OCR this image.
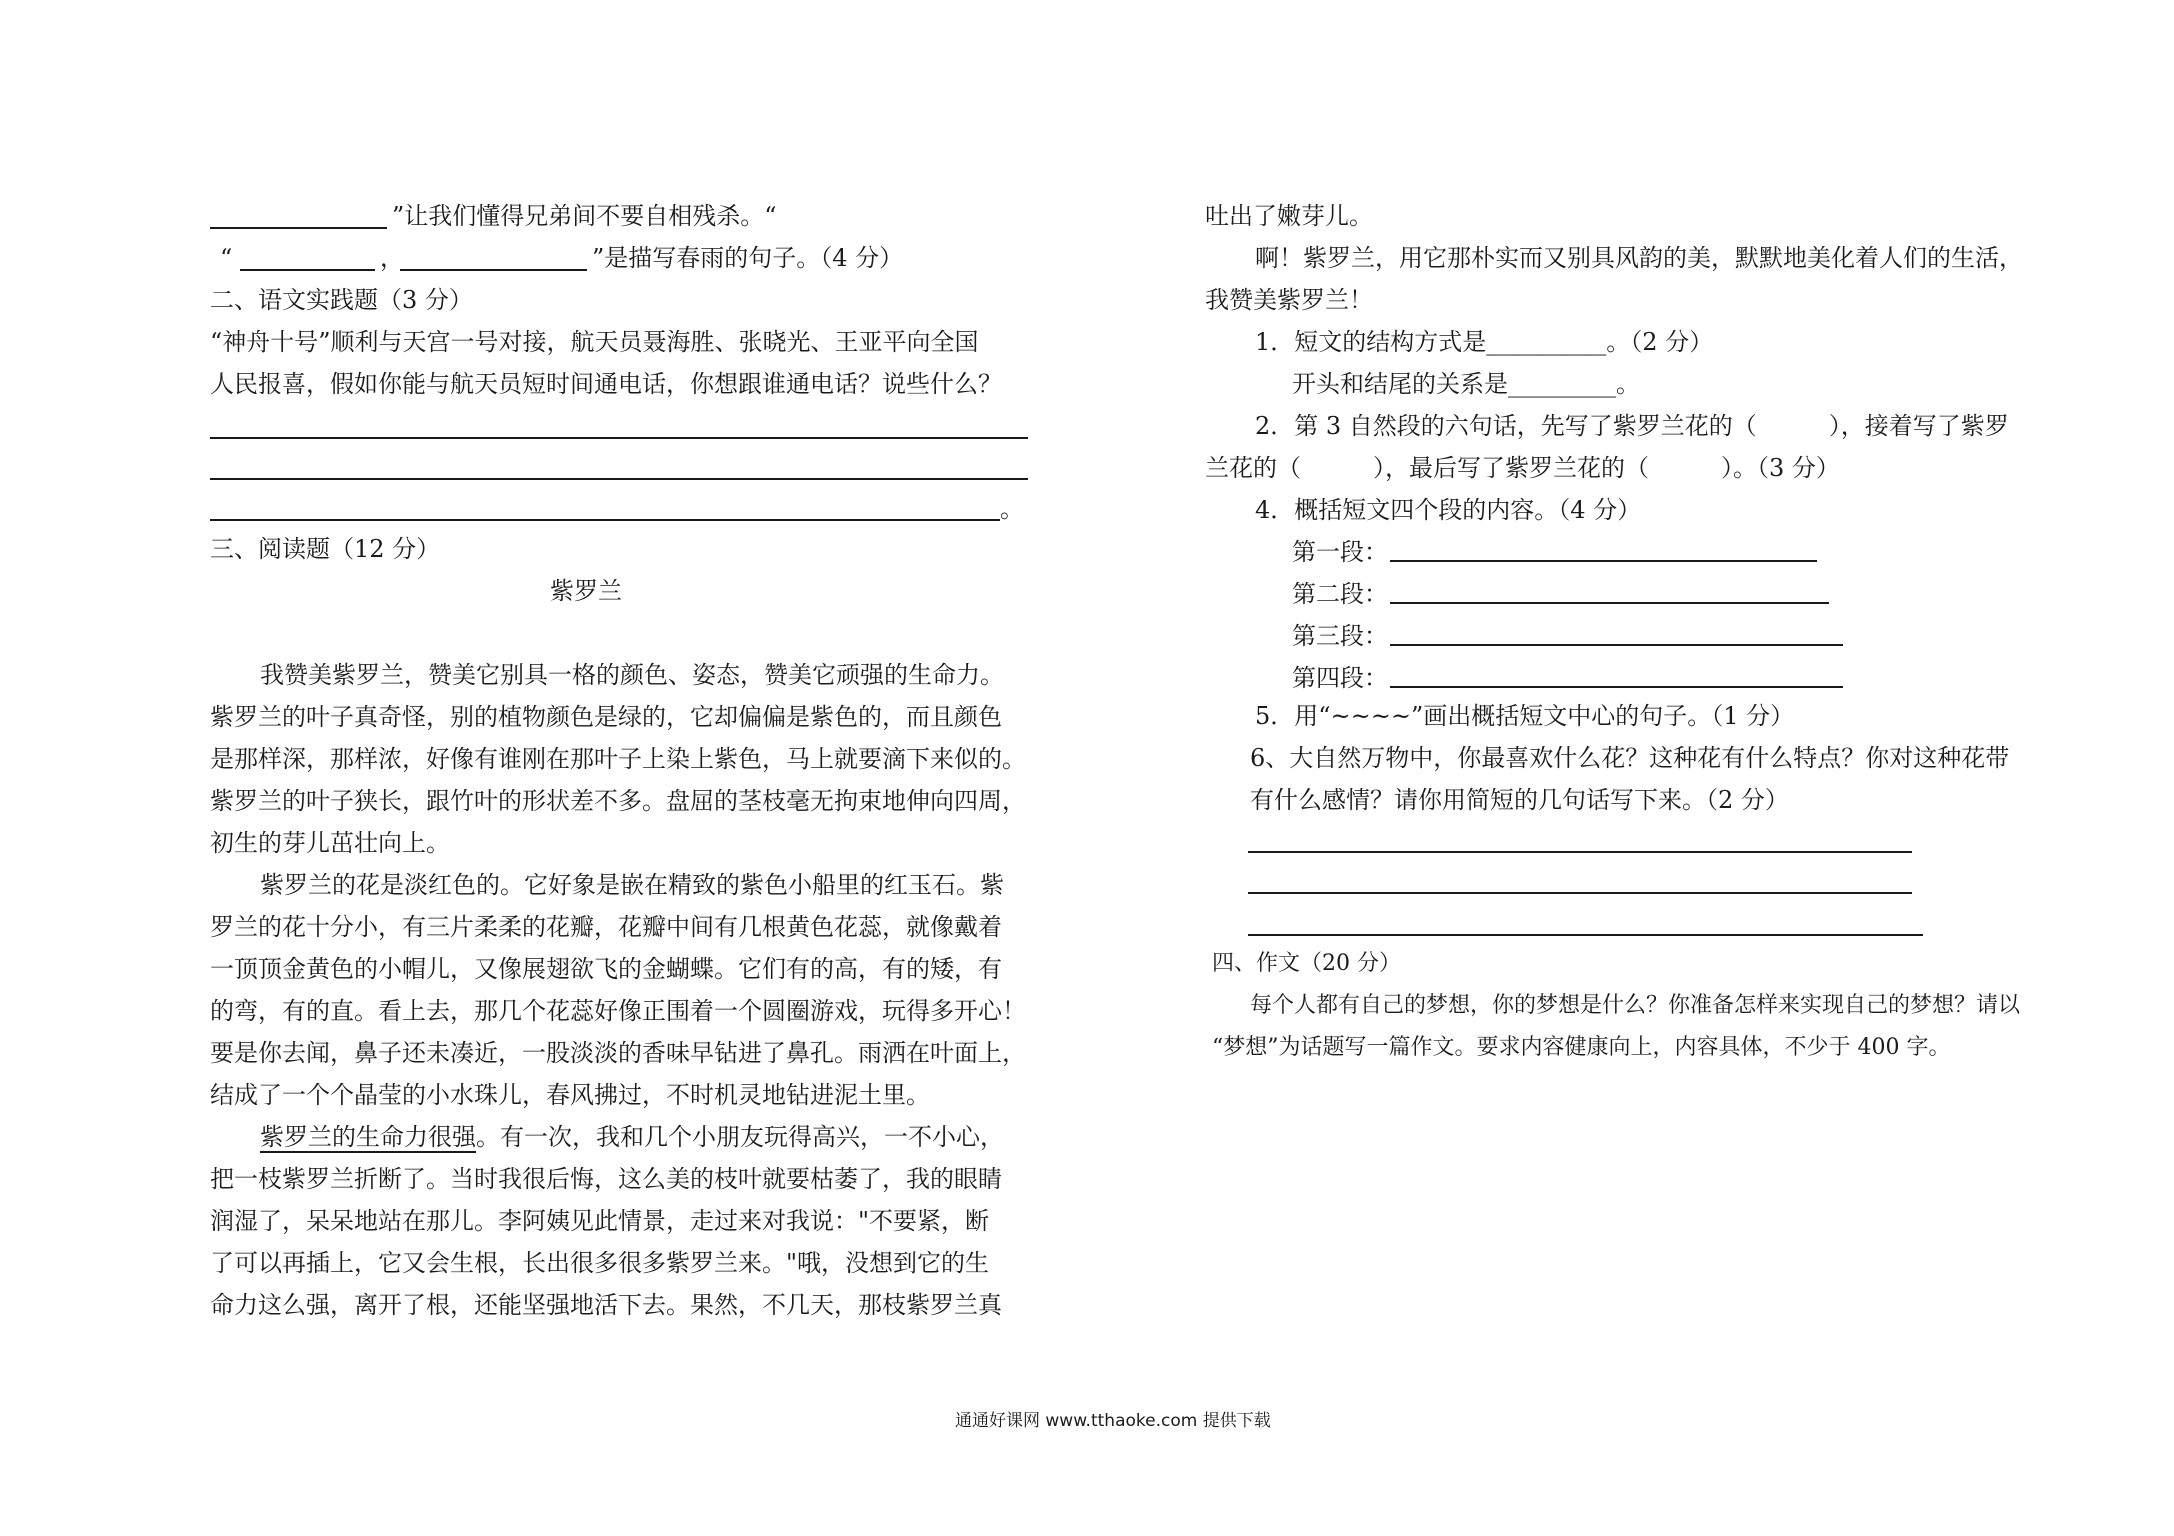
”让我们懂得兄弟间不要自相残杀。“
“	，	”是描写春雨的句子。（4 分）
二、语文实践题（3 分）
“神舟十号”顺利与天宫一号对接，航天员聂海胜、张晓光、王亚平向全国
人民报喜，假如你能与航天员短时间通电话，你想跟谁通电话？说些什么？
。
三、阅读题（12 分）
紫罗兰
我赞美紫罗兰，赞美它别具一格的颜色、姿态，赞美它顽强的生命力。
紫罗兰的叶子真奇怪，别的植物颜色是绿的，它却偏偏是紫色的，而且颜色
是那样深，那样浓，好像有谁刚在那叶子上染上紫色，马上就要滴下来似的。
紫罗兰的叶子狭长，跟竹叶的形状差不多。盘屈的茎枝毫无拘束地伸向四周，
初生的芽儿茁壮向上。
紫罗兰的花是淡红色的。它好象是嵌在精致的紫色小船里的红玉石。紫
罗兰的花十分小，有三片柔柔的花瓣，花瓣中间有几根黄色花蕊，就像戴着
一顶顶金黄色的小帽儿，又像展翅欲飞的金蝴蝶。它们有的高，有的矮，有
的弯，有的直。看上去，那几个花蕊好像正围着一个圆圈游戏，玩得多开心！
要是你去闻，鼻子还未凑近，一股淡淡的香味早钻进了鼻孔。雨洒在叶面上，
结成了一个个晶莹的小水珠儿，春风拂过，不时机灵地钻进泥土里。
紫罗兰的生命力很强 。有一次，我和几个小朋友玩得高兴，一不小心，
把一枝紫罗兰折断了。当时我很后悔，这么美的枝叶就要枯萎了，我的眼睛
润湿了，呆呆地站在那儿。李阿姨见此情景，走过来对我说："不要紧，断
了可以再插上，它又会生根，长出很多很多紫罗兰来。"哦，没想到它的生
命力这么强，离开了根，还能坚强地活下去。果然，不几天，那枝紫罗兰真
吐出了嫩芽儿。
啊！紫罗兰，用它那朴实而又别具风韵的美，默默地美化着人们的生活，
我赞美紫罗兰！
1．短文的结构方式是__________。（2 分）
开头和结尾的关系是_________。
2．第 3 自然段的六句话，先写了紫罗兰花的（　　　），接着写了紫罗
兰花的（　　　），最后写了紫罗兰花的（　　　）。（3 分）
4．概括短文四个段的内容。（4 分）
第一段：
第二段：
第三段：
第四段：
5．用“~~~~”画出概括短文中心的句子。（1 分）
6、大自然万物中，你最喜欢什么花？这种花有什么特点？你对这种花带
有什么感情？请你用简短的几句话写下来。（2 分）
四、作文（20 分）
每个人都有自己的梦想，你的梦想是什么？你准备怎样来实现自己的梦想？请以
“梦想”为话题写一篇作文。要求内容健康向上，内容具体，不少于 400 字。
通通好课网 www.tthaoke.com 提供下载
